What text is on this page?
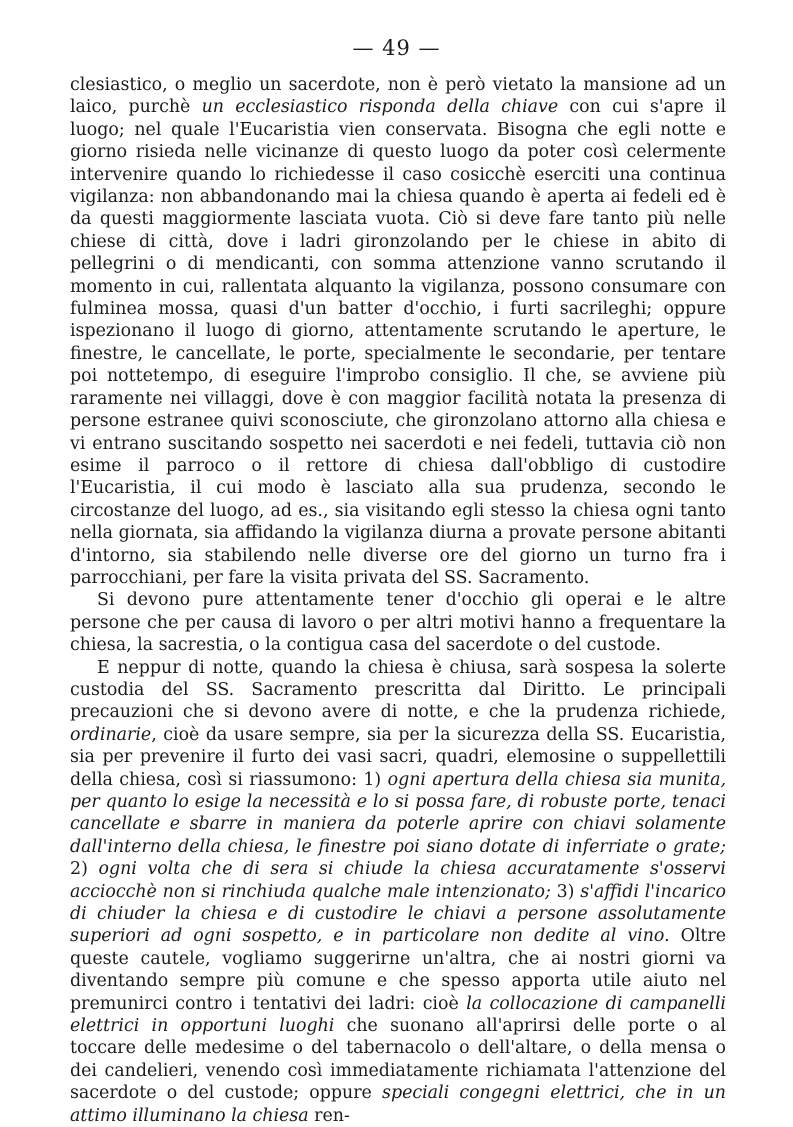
— 49 —

clesiastico, o meglio un sacerdote, non è però vietato la mansione ad un laico, purchè un ecclesiastico risponda della chiave con cui s'apre il luogo; nel quale l'Eucaristia vien conservata. Bisogna che egli notte e giorno risieda nelle vicinanze di questo luogo da poter così celermente intervenire quando lo richiedesse il caso cosicchè eserciti una continua vigilanza: non abbandonando mai la chiesa quando è aperta ai fedeli ed è da questi maggiormente lasciata vuota. Ciò si deve fare tanto più nelle chiese di città, dove i ladri gironzolando per le chiese in abito di pellegrini o di mendicanti, con somma attenzione vanno scrutando il momento in cui, rallentata alquanto la vigilanza, possono consumare con fulminea mossa, quasi d'un batter d'occhio, i furti sacrileghi; oppure ispezionano il luogo di giorno, attentamente scrutando le aperture, le finestre, le cancellate, le porte, specialmente le secondarie, per tentare poi nottetempo, di eseguire l'improbo consiglio. Il che, se avviene più raramente nei villaggi, dove è con maggior facilità notata la presenza di persone estranee quivi sconosciute, che gironzolano attorno alla chiesa e vi entrano suscitando sospetto nei sacerdoti e nei fedeli, tuttavia ciò non esime il parroco o il rettore di chiesa dall'obbligo di custodire l'Eucaristia, il cui modo è lasciato alla sua prudenza, secondo le circostanze del luogo, ad es., sia visitando egli stesso la chiesa ogni tanto nella giornata, sia affidando la vigilanza diurna a provate persone abitanti d'intorno, sia stabilendo nelle diverse ore del giorno un turno fra i parrocchiani, per fare la visita privata del SS. Sacramento.

Si devono pure attentamente tener d'occhio gli operai e le altre persone che per causa di lavoro o per altri motivi hanno a frequentare la chiesa, la sacrestia, o la contigua casa del sacerdote o del custode.

E neppur di notte, quando la chiesa è chiusa, sarà sospesa la solerte custodia del SS. Sacramento prescritta dal Diritto. Le principali precauzioni che si devono avere di notte, e che la prudenza richiede, ordinarie, cioè da usare sempre, sia per la sicurezza della SS. Eucaristia, sia per prevenire il furto dei vasi sacri, quadri, elemosine o suppellettili della chiesa, così si riassumono: 1) ogni apertura della chiesa sia munita, per quanto lo esige la necessità e lo si possa fare, di robuste porte, tenaci cancellate e sbarre in maniera da poterle aprire con chiavi solamente dall'interno della chiesa, le finestre poi siano dotate di inferriate o grate; 2) ogni volta che di sera si chiude la chiesa accuratamente s'osservi acciocchè non si rinchiuda qualche male intenzionato; 3) s'affidi l'incarico di chiuder la chiesa e di custodire le chiavi a persone assolutamente superiori ad ogni sospetto, e in particolare non dedite al vino. Oltre queste cautele, vogliamo suggerirne un'altra, che ai nostri giorni va diventando sempre più comune e che spesso apporta utile aiuto nel premunirci contro i tentativi dei ladri: cioè la collocazione di campanelli elettrici in opportuni luoghi che suonano all'aprirsi delle porte o al toccare delle medesime o del tabernacolo o dell'altare, o della mensa o dei candelieri, venendo così immediatamente richiamata l'attenzione del sacerdote o del custode; oppure speciali congegni elettrici, che in un attimo illuminano la chiesa ren-
